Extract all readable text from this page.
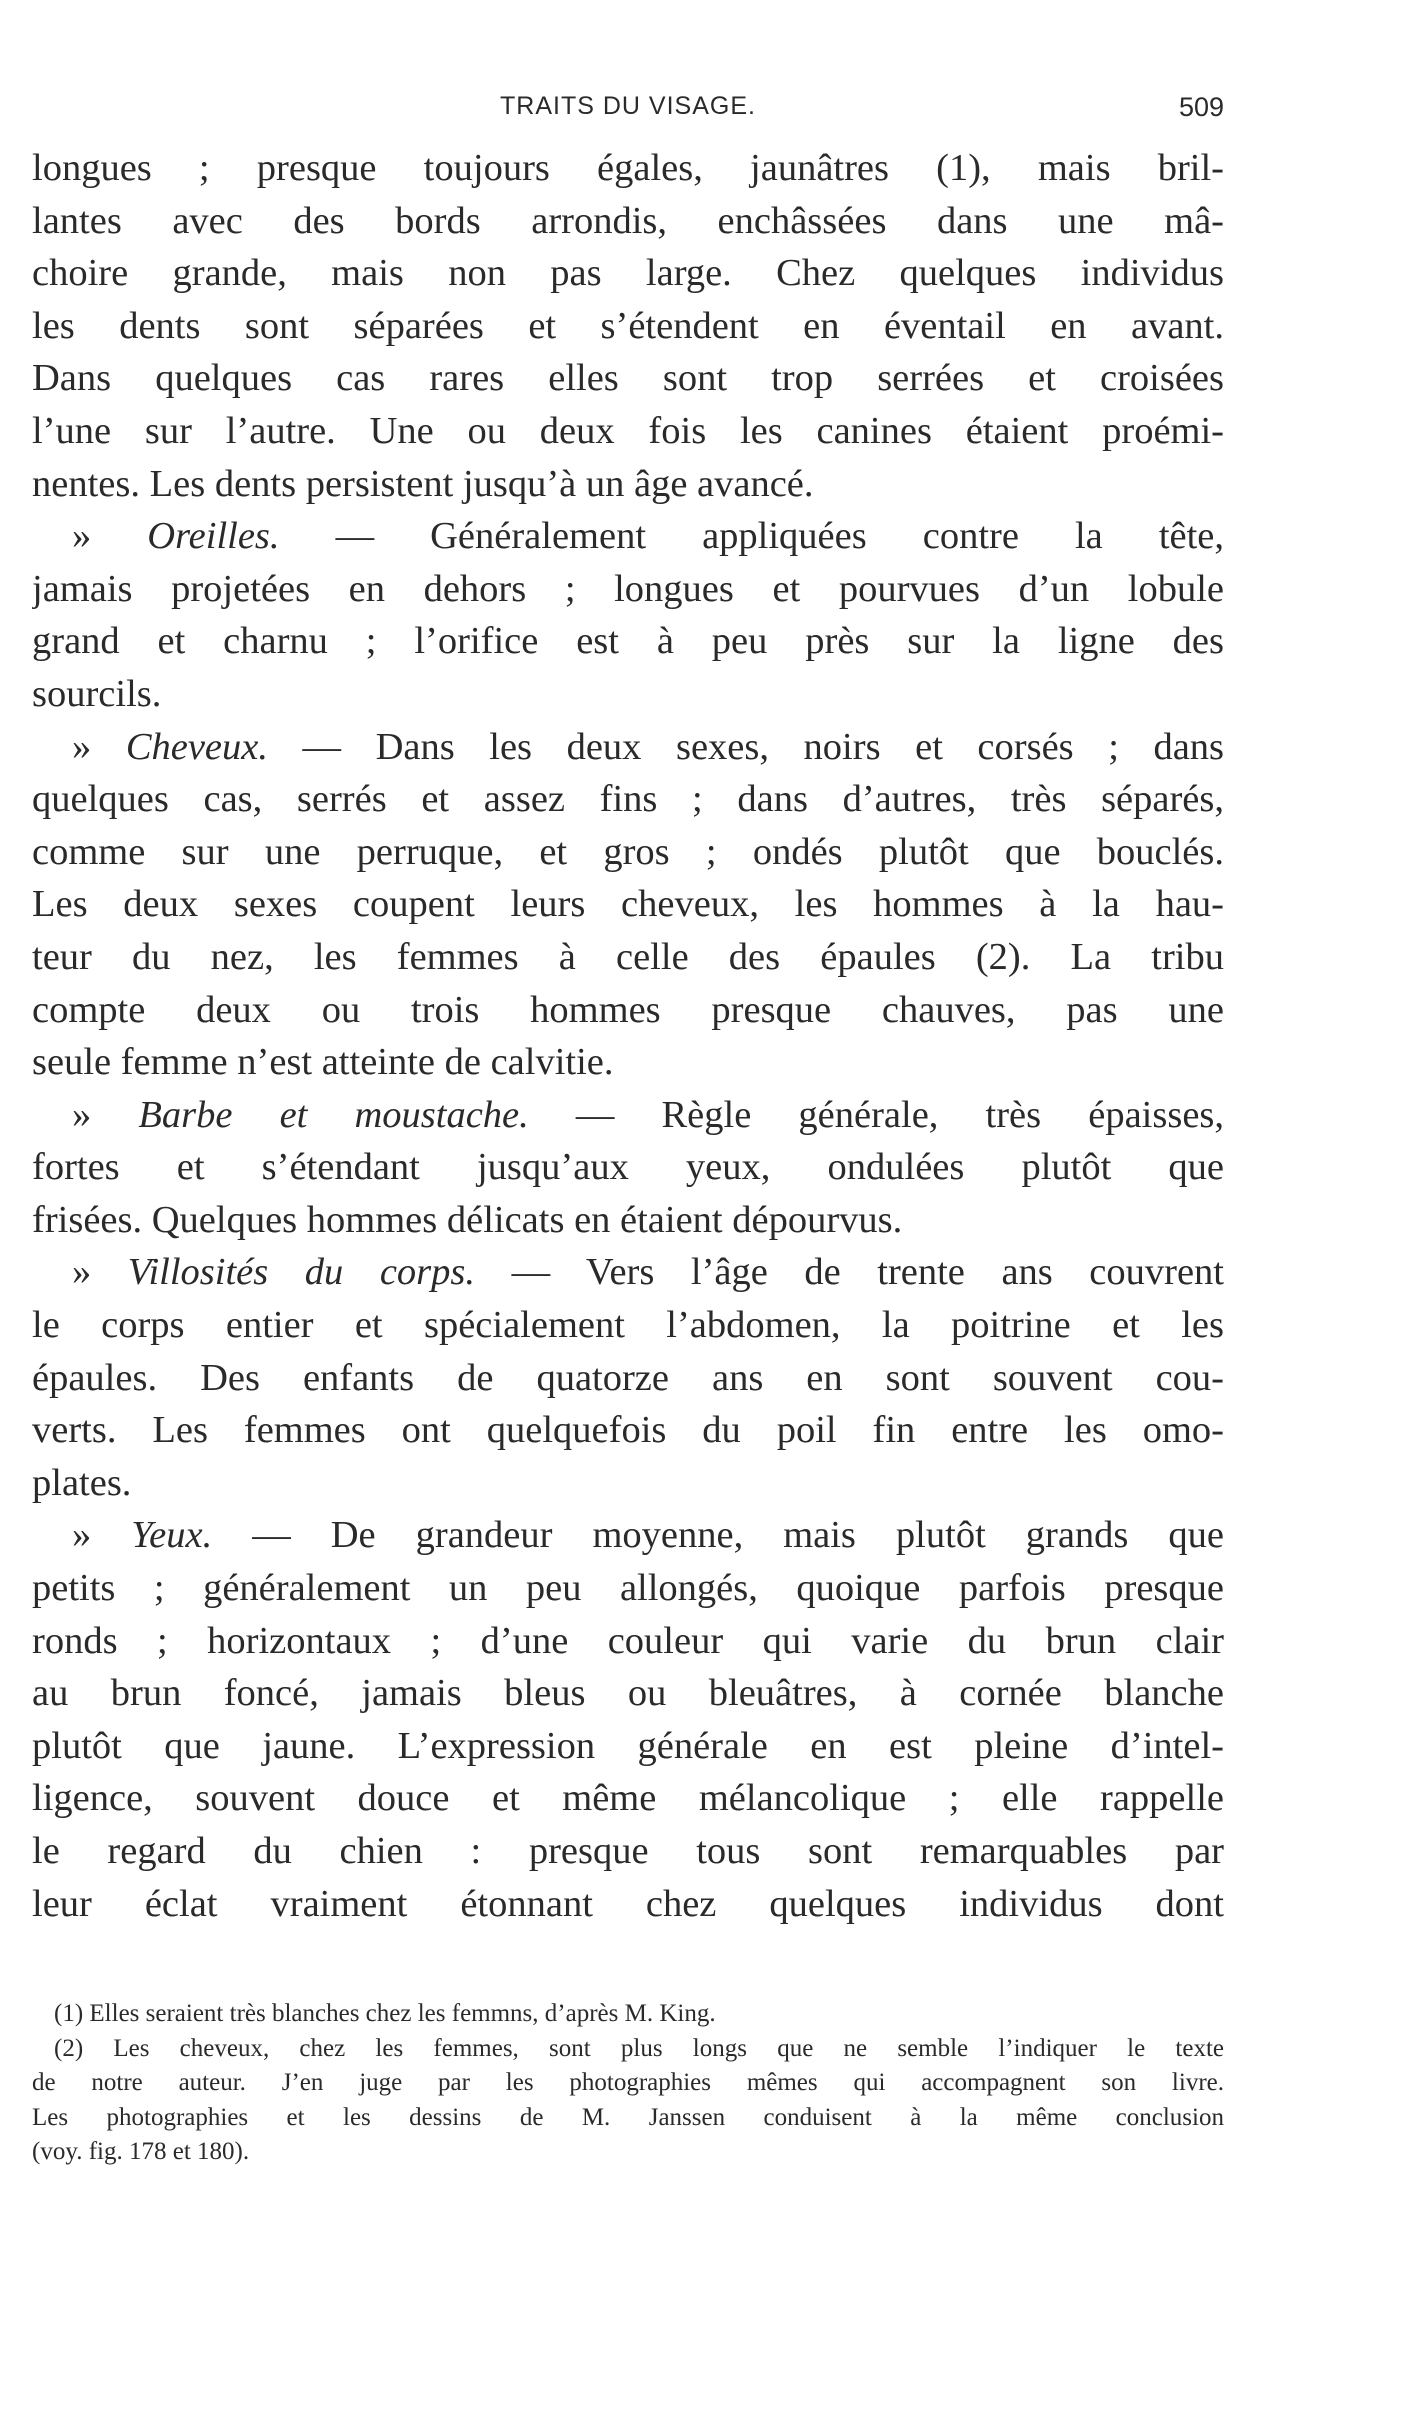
TRAITS DU VISAGE.	509
longues ; presque toujours égales, jaunâtres (1), mais bril-
lantes avec des bords arrondis, enchâssées dans une mâ-
choire grande, mais non pas large. Chez quelques individus
les dents sont séparées et s’étendent en éventail en avant.
Dans quelques cas rares elles sont trop serrées et croisées
l’une sur l’autre. Une ou deux fois les canines étaient proémi-
nentes. Les dents persistent jusqu’à un âge avancé.
» Oreilles. — Généralement appliquées contre la tête,
jamais projetées en dehors ; longues et pourvues d’un lobule
grand et charnu ; l’orifice est à peu près sur la ligne des
sourcils.
» Cheveux. — Dans les deux sexes, noirs et corsés ; dans
quelques cas, serrés et assez fins ; dans d’autres, très séparés,
comme sur une perruque, et gros ; ondés plutôt que bouclés.
Les deux sexes coupent leurs cheveux, les hommes à la hau-
teur du nez, les femmes à celle des épaules (2). La tribu
compte deux ou trois hommes presque chauves, pas une
seule femme n’est atteinte de calvitie.
» Barbe et moustache. — Règle générale, très épaisses,
fortes et s’étendant jusqu’aux yeux, ondulées plutôt que
frisées. Quelques hommes délicats en étaient dépourvus.
» Villosités du corps. — Vers l’âge de trente ans couvrent
le corps entier et spécialement l’abdomen, la poitrine et les
épaules. Des enfants de quatorze ans en sont souvent cou-
verts. Les femmes ont quelquefois du poil fin entre les omo-
plates.
» Yeux. — De grandeur moyenne, mais plutôt grands que
petits ; généralement un peu allongés, quoique parfois presque
ronds ; horizontaux ; d’une couleur qui varie du brun clair
au brun foncé, jamais bleus ou bleuâtres, à cornée blanche
plutôt que jaune. L’expression générale en est pleine d’intel-
ligence, souvent douce et même mélancolique ; elle rappelle
le regard du chien : presque tous sont remarquables par
leur éclat vraiment étonnant chez quelques individus dont
(1) Elles seraient très blanches chez les femmns, d’après M. King.
(2) Les cheveux, chez les femmes, sont plus longs que ne semble l’indiquer le texte
de notre auteur. J’en juge par les photographies mêmes qui accompagnent son livre.
Les photographies et les dessins de M. Janssen conduisent à la même conclusion
(voy. fig. 178 et 180).
